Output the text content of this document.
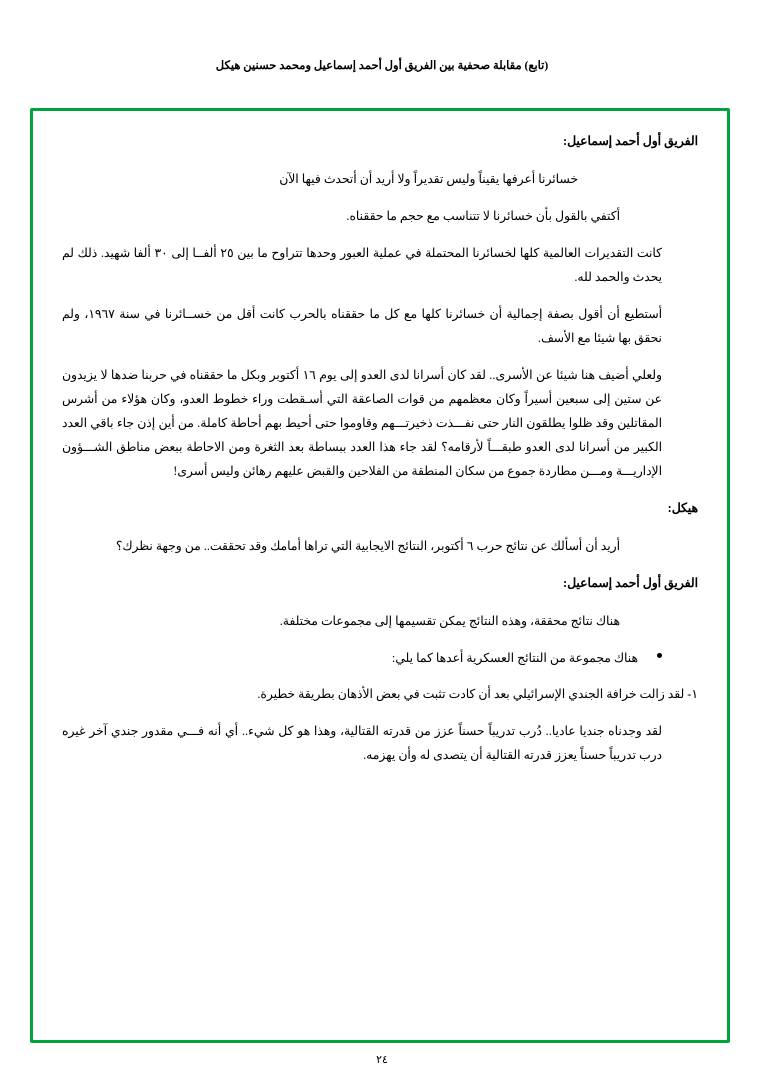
(تابع) مقابلة صحفية بين الفريق أول أحمد إسماعيل ومحمد حسنين هيكل
الفريق أول أحمد إسماعيل:

خسائرنا أعرفها يقيناً وليس تقديراً ولا أريد أن أتحدث فيها الآن

أكتفي بالقول بأن خسائرنا لا تتناسب مع حجم ما حققناه.

كانت التقديرات العالمية كلها لخسائرنا المحتملة في عملية العبور وحدها تتراوح ما بين ٢٥ ألفــا إلى ٣٠ ألفا شهيد. ذلك لم يحدث والحمد لله.

أستطيع أن أقول بصفة إجمالية أن خسائرنا كلها مع كل ما حققناه بالحرب كانت أقل من خســائرنا في سنة ١٩٦٧، ولم نحقق بها شيئا مع الأسف.

ولعلي أضيف هنا شيئا عن الأسرى.. لقد كان أسرانا لدى العدو إلى يوم ١٦ أكتوبر وبكل ما حققناه في حربنا ضدها لا يزيدون عن ستين إلى سبعين أسيراً وكان معظمهم من قوات الصاعقة التي أسـقطت وراء خطوط العدو، وكان هؤلاء من أشرس المقاتلين وقد ظلوا يطلقون النار حتى نفـــذت ذخيرتـــهم وقاوموا حتى أحيط بهم أحاطة كاملة. من أين إذن جاء باقي العدد الكبير من أسرانا لدى العدو طبقـــاً لأرقامه؟ لقد جاء هذا العدد ببساطة بعد الثغرة ومن الاحاطة ببعض مناطق الشـــؤون الإداريـــة ومـــن مطاردة جموع من سكان المنطقة من الفلاحين والقبض عليهم رهائن وليس أسرى!

هيكل:

أريد أن أسألك عن نتائج حرب ٦ أكتوبر، النتائج الايجابية التي تراها أمامك وقد تحققت.. من وجهة نظرك؟

الفريق أول أحمد إسماعيل:

هناك نتائج محققة، وهذه النتائج يمكن تقسيمها إلى مجموعات مختلفة.

هناك مجموعة من النتائج العسكرية أعدها كما يلي:
١- لقد زالت خرافة الجندي الإسرائيلي بعد أن كادت تثبت في بعض الأذهان بطريقة خطيرة.

لقد وجدناه جنديا عاديا.. دُرب تدريباً حسناً عزز من قدرته القتالية، وهذا هو كل شيء.. أي أنه فـــي مقدور جندي آخر غيره درب تدريباً حسناً يعزز قدرته القتالية أن يتصدى له وأن يهزمه.

٢٤
